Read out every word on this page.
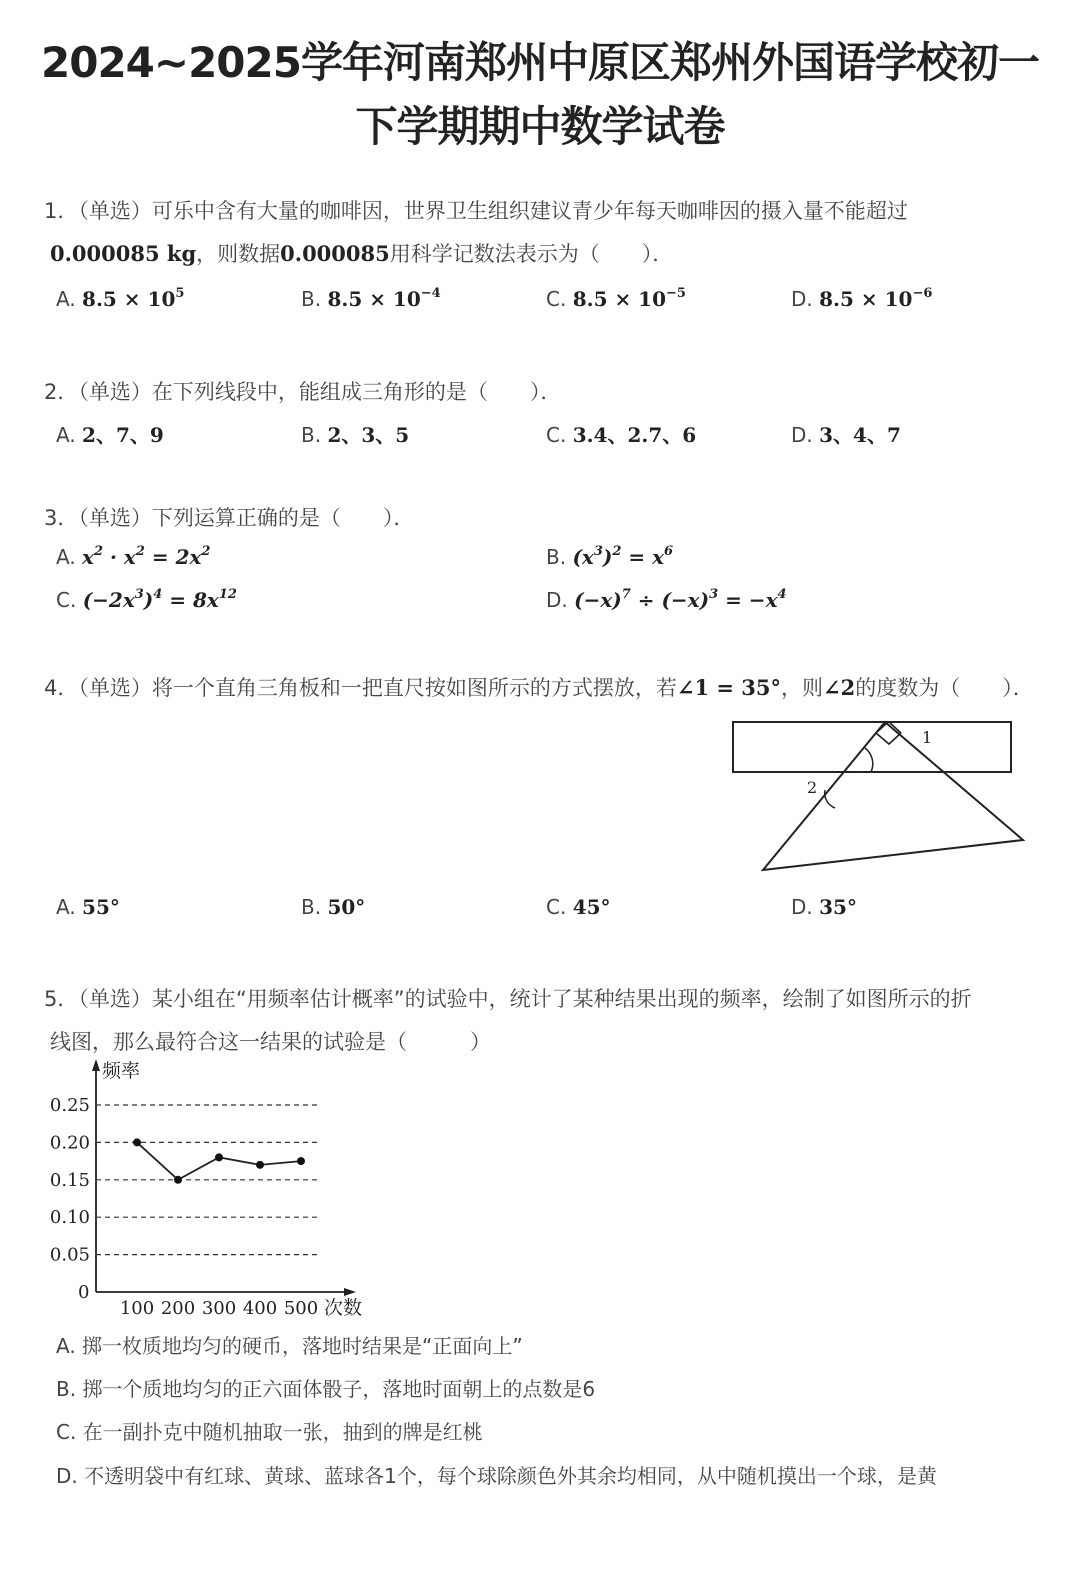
2024~2025学年河南郑州中原区郑州外国语学校初一
下学期期中数学试卷
1．（单选）可乐中含有大量的咖啡因，世界卫生组织建议青少年每天咖啡因的摄入量不能超过
0.000085 kg，则数据0.000085用科学记数法表示为（　　）．
A. $8.5 \times 10^5$	B. $8.5 \times 10^{-4}$	C. $8.5 \times 10^{-5}$	D. $8.5 \times 10^{-6}$
2．（单选）在下列线段中，能组成三角形的是（　　）．
A. 2、7、9	B. 2、3、5	C. 3.4、2.7、6	D. 3、4、7
3．（单选）下列运算正确的是（　　）．
A. $x^2 \cdot x^2 = 2x^2$	B. $(x^3)^2 = x^6$
C. $(-2x^3)^4 = 8x^{12}$	D. $(-x)^7 \div (-x)^3 = -x^4$
4．（单选）将一个直角三角板和一把直尺按如图所示的方式摆放，若∠1 = 35°，则∠2的度数为（　　）．
1
2
A. 55°	B. 50°	C. 45°	D. 35°
5．（单选）某小组在“用频率估计概率”的试验中，统计了某种结果出现的频率，绘制了如图所示的折
线图，那么最符合这一结果的试验是（　　　）
0.25
0.20
0.15
0.10
0.05
100 200 300 400 500
频率
次数
0
A. 掷一枚质地均匀的硬币，落地时结果是“正面向上”
B. 掷一个质地均匀的正六面体骰子，落地时面朝上的点数是6
C. 在一副扑克中随机抽取一张，抽到的牌是红桃
D. 不透明袋中有红球、黄球、蓝球各1个，每个球除颜色外其余均相同，从中随机摸出一个球，是黄
